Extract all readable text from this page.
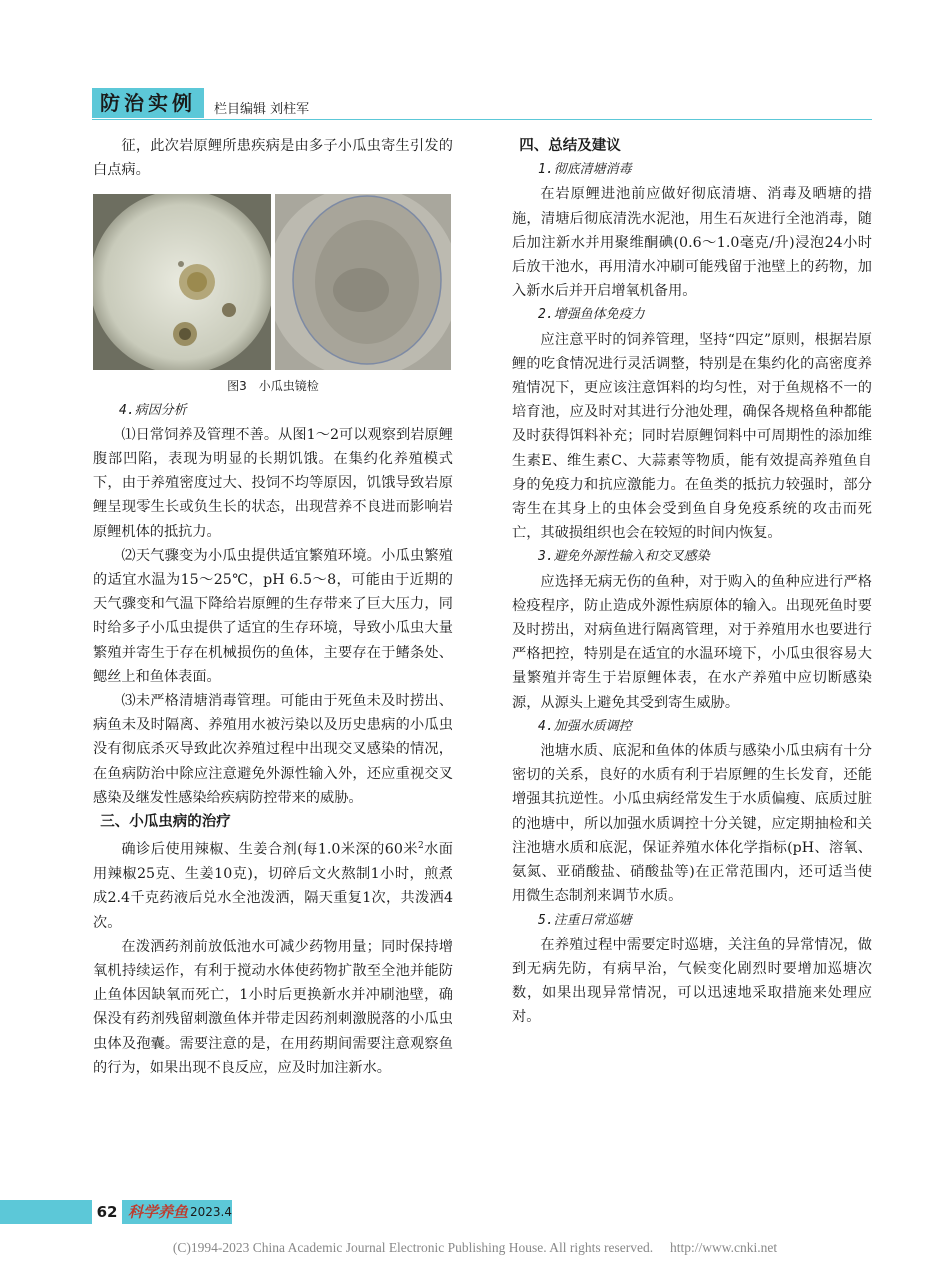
防治实例	栏目编辑 刘柱军

征，此次岩原鲤所患疾病是由多子小瓜虫寄生引发的白点病。

图3　小瓜虫镜检

4.病因分析

⑴日常饲养及管理不善。从图1～2可以观察到岩原鲤腹部凹陷，表现为明显的长期饥饿。在集约化养殖模式下，由于养殖密度过大、投饲不均等原因，饥饿导致岩原鲤呈现零生长或负生长的状态，出现营养不良进而影响岩原鲤机体的抵抗力。

⑵天气骤变为小瓜虫提供适宜繁殖环境。小瓜虫繁殖的适宜水温为15～25℃，pH 6.5～8，可能由于近期的天气骤变和气温下降给岩原鲤的生存带来了巨大压力，同时给多子小瓜虫提供了适宜的生存环境，导致小瓜虫大量繁殖并寄生于存在机械损伤的鱼体，主要存在于鳍条处、鳃丝上和鱼体表面。

⑶未严格清塘消毒管理。可能由于死鱼未及时捞出、病鱼未及时隔离、养殖用水被污染以及历史患病的小瓜虫没有彻底杀灭导致此次养殖过程中出现交叉感染的情况，在鱼病防治中除应注意避免外源性输入外，还应重视交叉感染及继发性感染给疾病防控带来的威胁。

三、小瓜虫病的治疗

确诊后使用辣椒、生姜合剂(每1.0米深的60米$^2$水面用辣椒25克、生姜10克)，切碎后文火熬制1小时，煎煮成2.4千克药液后兑水全池泼洒，隔天重复1次，共泼洒4次。

在泼洒药剂前放低池水可减少药物用量；同时保持增氧机持续运作，有利于搅动水体使药物扩散至全池并能防止鱼体因缺氧而死亡，1小时后更换新水并冲刷池壁，确保没有药剂残留刺激鱼体并带走因药剂刺激脱落的小瓜虫虫体及孢囊。需要注意的是，在用药期间需要注意观察鱼的行为，如果出现不良反应，应及时加注新水。

四、总结及建议

1.彻底清塘消毒

在岩原鲤进池前应做好彻底清塘、消毒及晒塘的措施，清塘后彻底清洗水泥池，用生石灰进行全池消毒，随后加注新水并用聚维酮碘(0.6～1.0毫克/升)浸泡24小时后放干池水，再用清水冲刷可能残留于池壁上的药物，加入新水后并开启增氧机备用。

2.增强鱼体免疫力

应注意平时的饲养管理，坚持“四定”原则，根据岩原鲤的吃食情况进行灵活调整，特别是在集约化的高密度养殖情况下，更应该注意饵料的均匀性，对于鱼规格不一的培育池，应及时对其进行分池处理，确保各规格鱼种都能及时获得饵料补充；同时岩原鲤饲料中可周期性的添加维生素E、维生素C、大蒜素等物质，能有效提高养殖鱼自身的免疫力和抗应激能力。在鱼类的抵抗力较强时，部分寄生在其身上的虫体会受到鱼自身免疫系统的攻击而死亡，其破损组织也会在较短的时间内恢复。

3.避免外源性输入和交叉感染

应选择无病无伤的鱼种，对于购入的鱼种应进行严格检疫程序，防止造成外源性病原体的输入。出现死鱼时要及时捞出，对病鱼进行隔离管理，对于养殖用水也要进行严格把控，特别是在适宜的水温环境下，小瓜虫很容易大量繁殖并寄生于岩原鲤体表，在水产养殖中应切断感染源，从源头上避免其受到寄生威胁。

4.加强水质调控

池塘水质、底泥和鱼体的体质与感染小瓜虫病有十分密切的关系，良好的水质有利于岩原鲤的生长发育，还能增强其抗逆性。小瓜虫病经常发生于水质偏瘦、底质过脏的池塘中，所以加强水质调控十分关键，应定期抽检和关注池塘水质和底泥，保证养殖水体化学指标(pH、溶氧、氨氮、亚硝酸盐、硝酸盐等)在正常范围内，还可适当使用微生态制剂来调节水质。

5.注重日常巡塘

在养殖过程中需要定时巡塘，关注鱼的异常情况，做到无病先防，有病早治，气候变化剧烈时要增加巡塘次数，如果出现异常情况，可以迅速地采取措施来处理应对。

62 科学养鱼 2023.4
(C)1994-2023 China Academic Journal Electronic Publishing House. All rights reserved.　 http://www.cnki.net
